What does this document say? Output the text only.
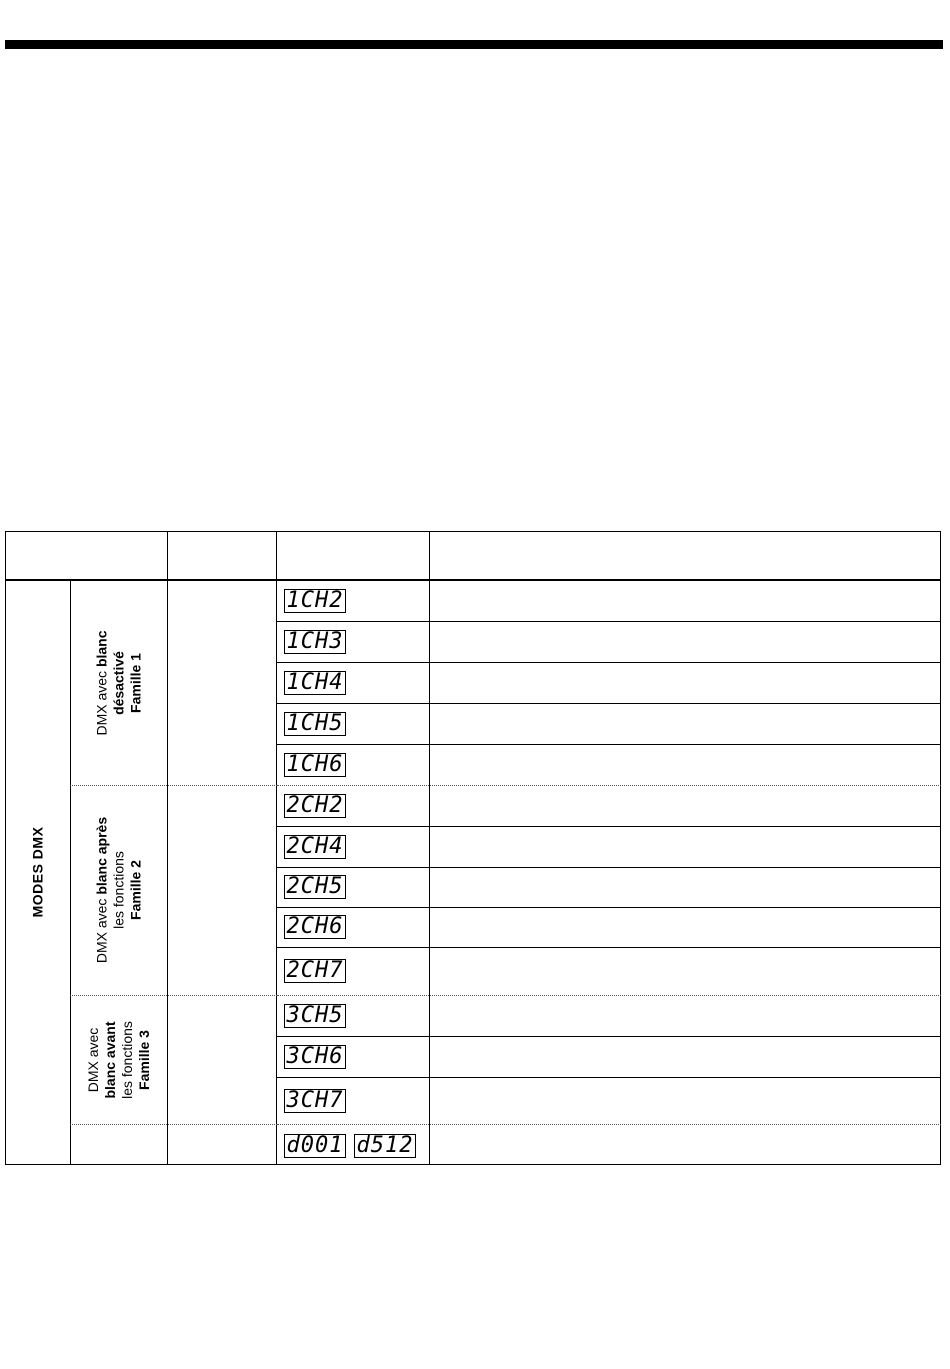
MODES DMX
DMX avec blanc
désactivé Famille 1
DMX avec blanc après les fonctions Famille 2
DMX avec blanc avant les fonctions Famille 3
1CH2
1CH3
1CH4
1CH5
1CH6
2CH2
2CH4
2CH5
2CH6
2CH7
3CH5
3CH6
3CH7
d001 d512
